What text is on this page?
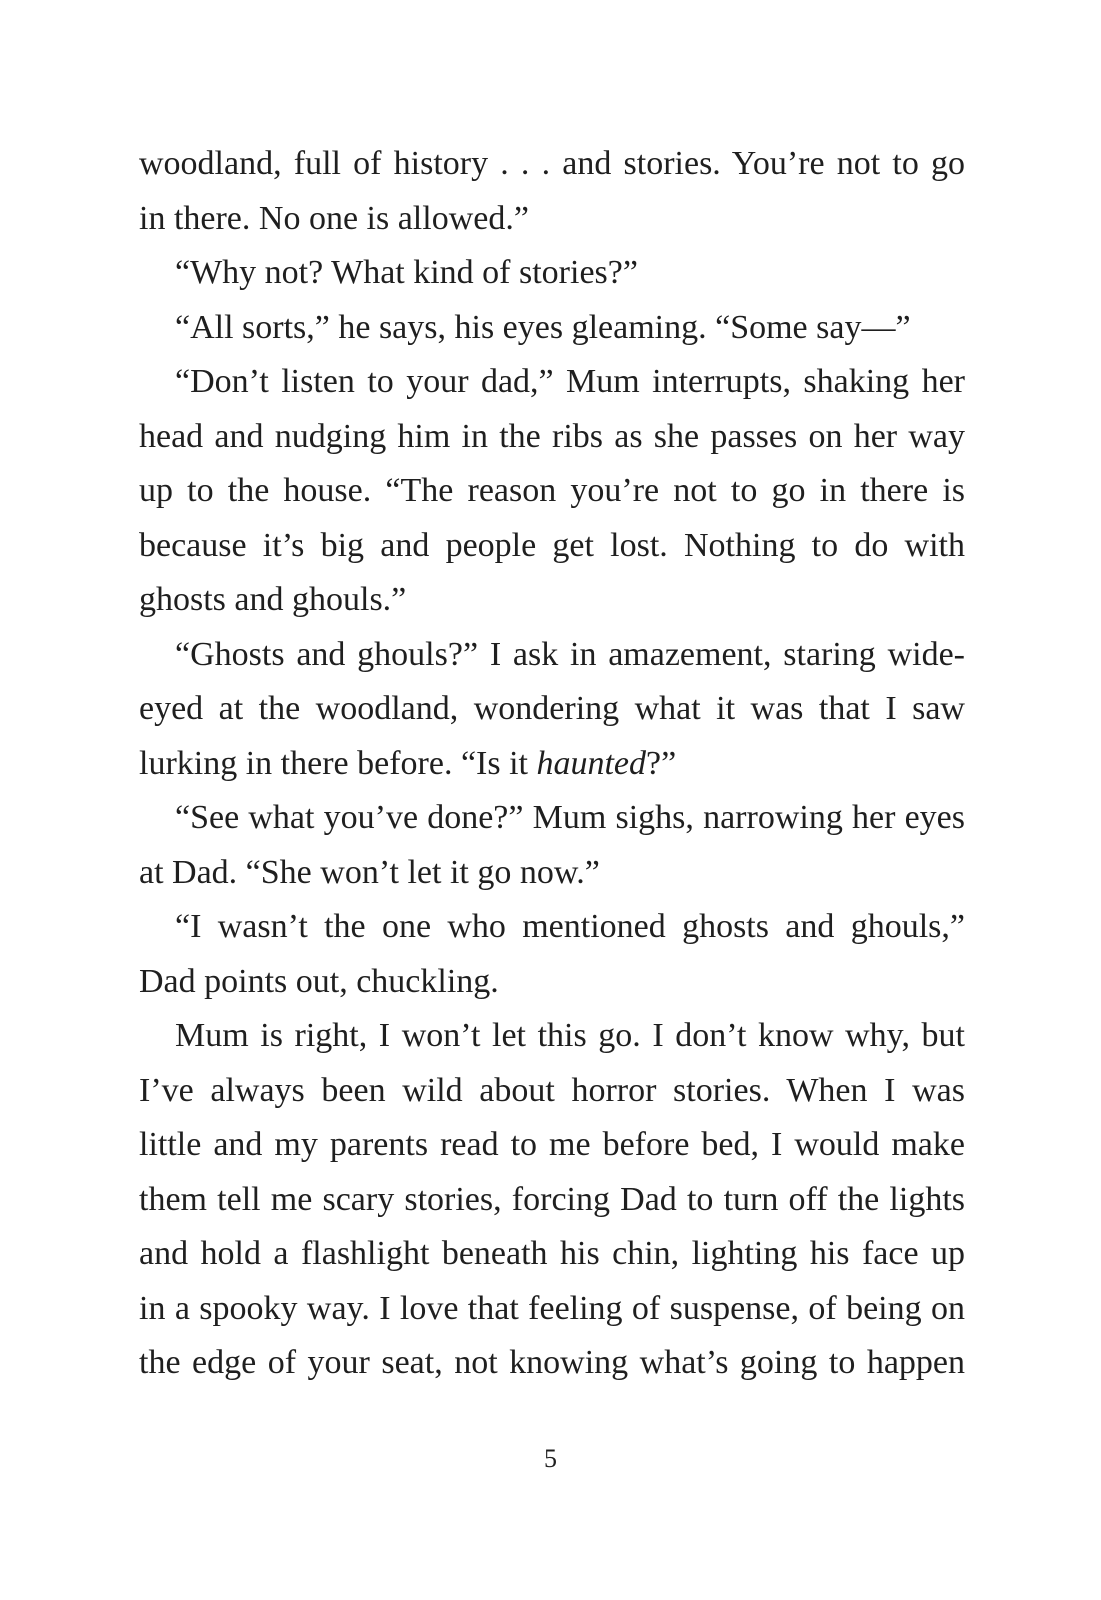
woodland, full of history . . . and stories. You’re not to go
in there. No one is allowed.”
“Why not? What kind of stories?”
“All sorts,” he says, his eyes gleaming. “Some say—”
“Don’t listen to your dad,” Mum interrupts, shaking her
head and nudging him in the ribs as she passes on her way
up to the house. “The reason you’re not to go in there is
because it’s big and people get lost. Nothing to do with
ghosts and ghouls.”
“Ghosts and ghouls?” I ask in amazement, staring wide-
eyed at the woodland, wondering what it was that I saw
lurking in there before. “Is it haunted?”
“See what you’ve done?” Mum sighs, narrowing her eyes
at Dad. “She won’t let it go now.”
“I wasn’t the one who mentioned ghosts and ghouls,”
Dad points out, chuckling.
Mum is right, I won’t let this go. I don’t know why, but
I’ve always been wild about horror stories. When I was
little and my parents read to me before bed, I would make
them tell me scary stories, forcing Dad to turn off the lights
and hold a flashlight beneath his chin, lighting his face up
in a spooky way. I love that feeling of suspense, of being on
the edge of your seat, not knowing what’s going to happen
5
